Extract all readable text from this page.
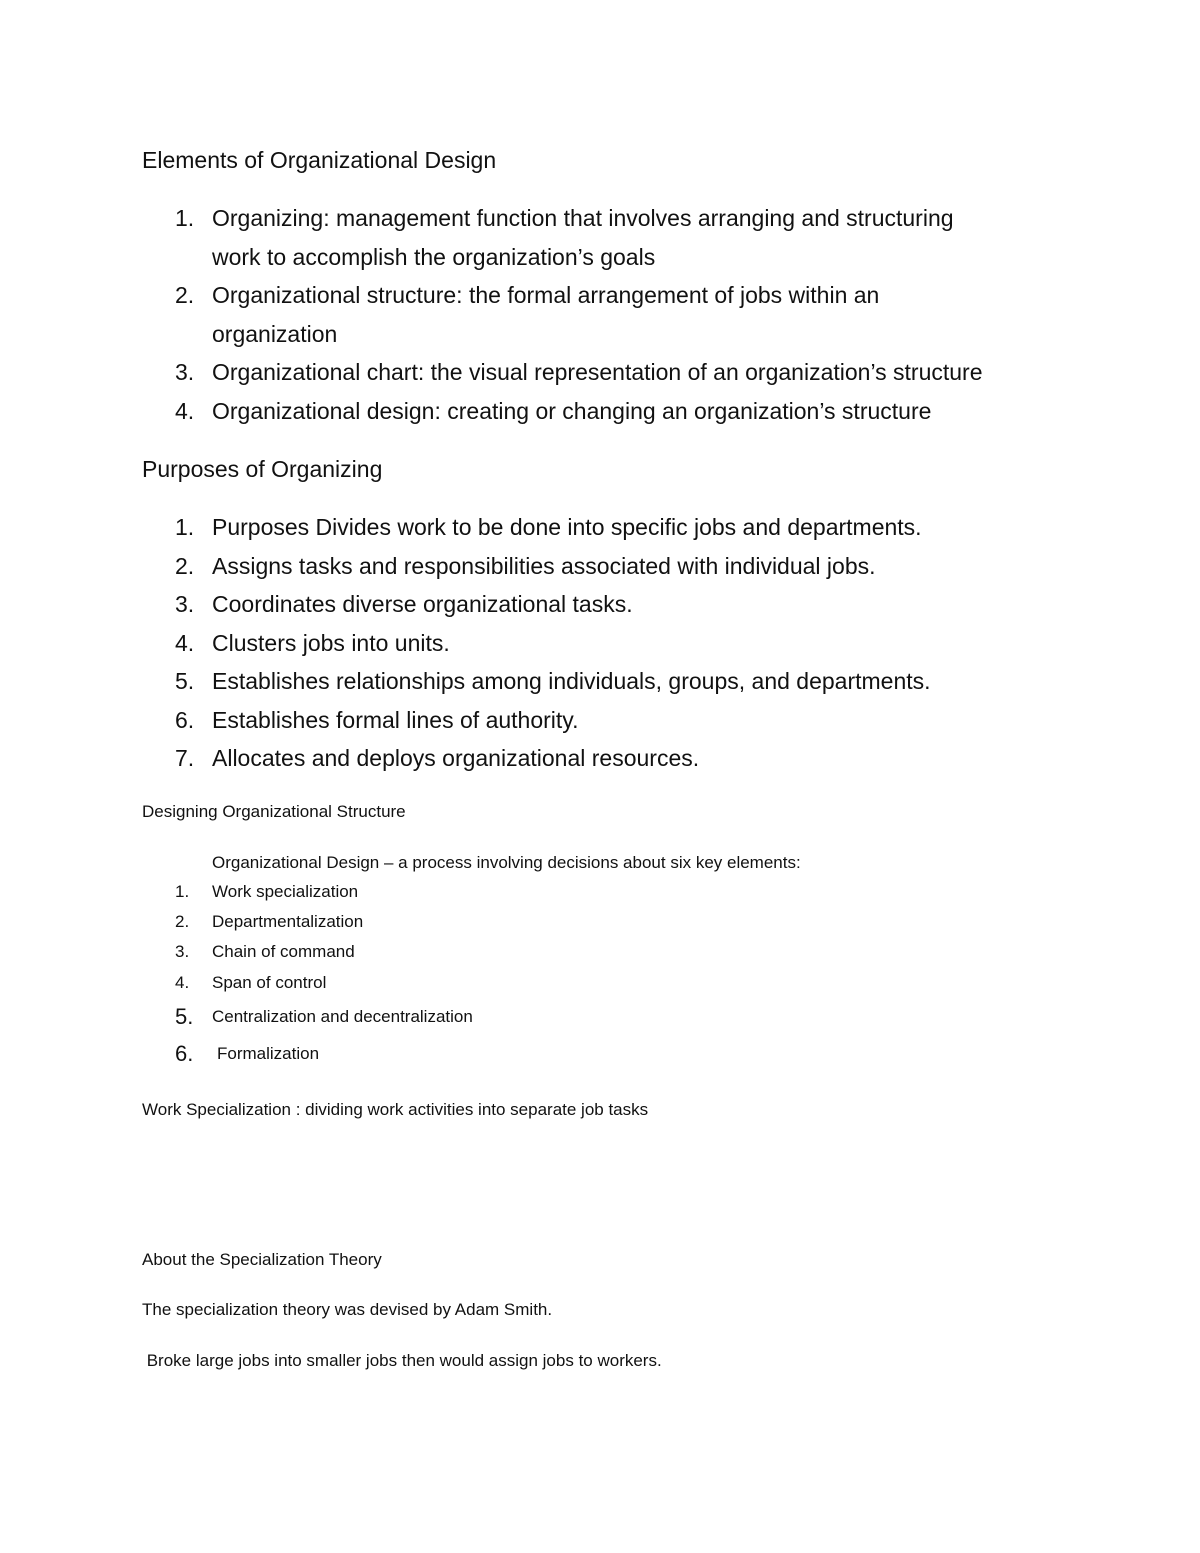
Elements of Organizational Design
1. Organizing: management function that involves arranging and structuring
work to accomplish the organization’s goals
2. Organizational structure: the formal arrangement of jobs within an
organization
3. Organizational chart: the visual representation of an organization’s structure
4. Organizational design: creating or changing an organization’s structure
Purposes of Organizing
1. Purposes Divides work to be done into specific jobs and departments.
2. Assigns tasks and responsibilities associated with individual jobs.
3. Coordinates diverse organizational tasks.
4. Clusters jobs into units.
5. Establishes relationships among individuals, groups, and departments.
6. Establishes formal lines of authority.
7. Allocates and deploys organizational resources.
Designing Organizational Structure
Organizational Design – a process involving decisions about six key elements:
1. Work specialization
2. Departmentalization
3. Chain of command
4. Span of control
5. Centralization and decentralization
6. Formalization
Work Specialization : dividing work activities into separate job tasks
About the Specialization Theory
The specialization theory was devised by Adam Smith.
Broke large jobs into smaller jobs then would assign jobs to workers.
